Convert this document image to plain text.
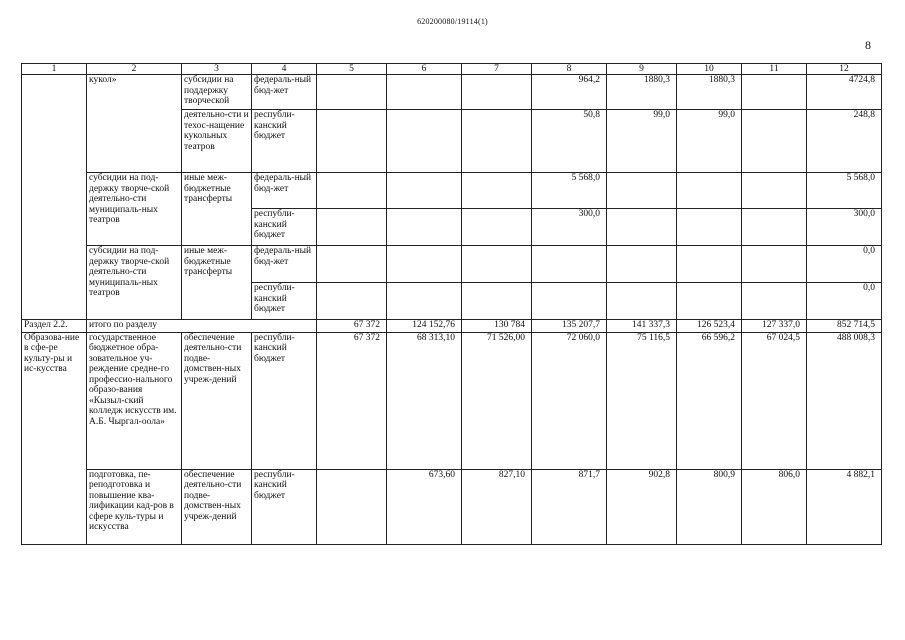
620200080/19114(1)
8
1	2	3	4	5	6	7	8	9	10	11	12
	кукол»	субсидии на поддержку творческой	федераль-ный бюд-жет				964,2	1880,3	1880,3		4724,8
		деятельно-сти и техос-нащение кукольных театров	республи-канский бюджет				50,8	99,0	99,0		248,8
	субсидии на под-держку творче-ской деятельно-сти муниципаль-ных театров	иные меж-бюджетные трансферты	федераль-ный бюд-жет				5 568,0				5 568,0
			республи-канский бюджет				300,0				300,0
	субсидии на под-держку творче-ской деятельно-сти муниципаль-ных театров	иные меж-бюджетные трансферты	федераль-ный бюд-жет								0,0
			республи-канский бюджет								0,0
Раздел 2.2.	итого по разделу			67 372	124 152,76	130 784	135 207,7	141 337,3	126 523,4	127 337,0	852 714,5
Образова-ние в сфе-ре культу-ры и ис-кусства	государственное бюджетное обра-зовательное уч-реждение средне-го профессио-нального образо-вания «Кызыл-ский колледж искусств им. А.Б. Чыргал-оола»	обеспечение деятельно-сти подве-домствен-ных учреж-дений	республи-канский бюджет	67 372	68 313,10	71 526,00	72 060,0	75 116,5	66 596,2	67 024,5	488 008,3
	подготовка, пе-реподготовка и повышение ква-лификации кад-ров в сфере куль-туры и искусства	обеспечение деятельно-сти подве-домствен-ных учреж-дений	республи-канский бюджет		673,60	827,10	871,7	902,8	800,9	806,0	4 882,1
